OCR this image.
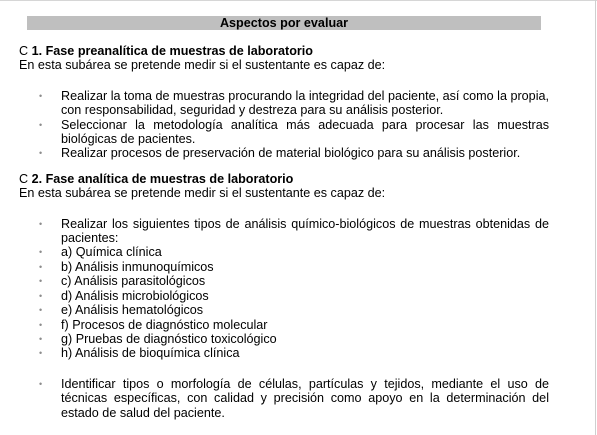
Aspectos por evaluar

C 1. Fase preanalítica de muestras de laboratorio

En esta subárea se pretende medir si el sustentante es capaz de:

• Realizar la toma de muestras procurando la integridad del paciente, así como la propia, con responsabilidad, seguridad y destreza para su análisis posterior.
• Seleccionar la metodología analítica más adecuada para procesar las muestras biológicas de pacientes.
• Realizar procesos de preservación de material biológico para su análisis posterior.

C 2. Fase analítica de muestras de laboratorio

En esta subárea se pretende medir si el sustentante es capaz de:

• Realizar los siguientes tipos de análisis químico-biológicos de muestras obtenidas de pacientes:
• a) Química clínica
• b) Análisis inmunoquímicos
• c) Análisis parasitológicos
• d) Análisis microbiológicos
• e) Análisis hematológicos
• f) Procesos de diagnóstico molecular
• g) Pruebas de diagnóstico toxicológico
• h) Análisis de bioquímica clínica
• Identificar tipos o morfología de células, partículas y tejidos, mediante el uso de técnicas específicas, con calidad y precisión como apoyo en la determinación del estado de salud del paciente.
